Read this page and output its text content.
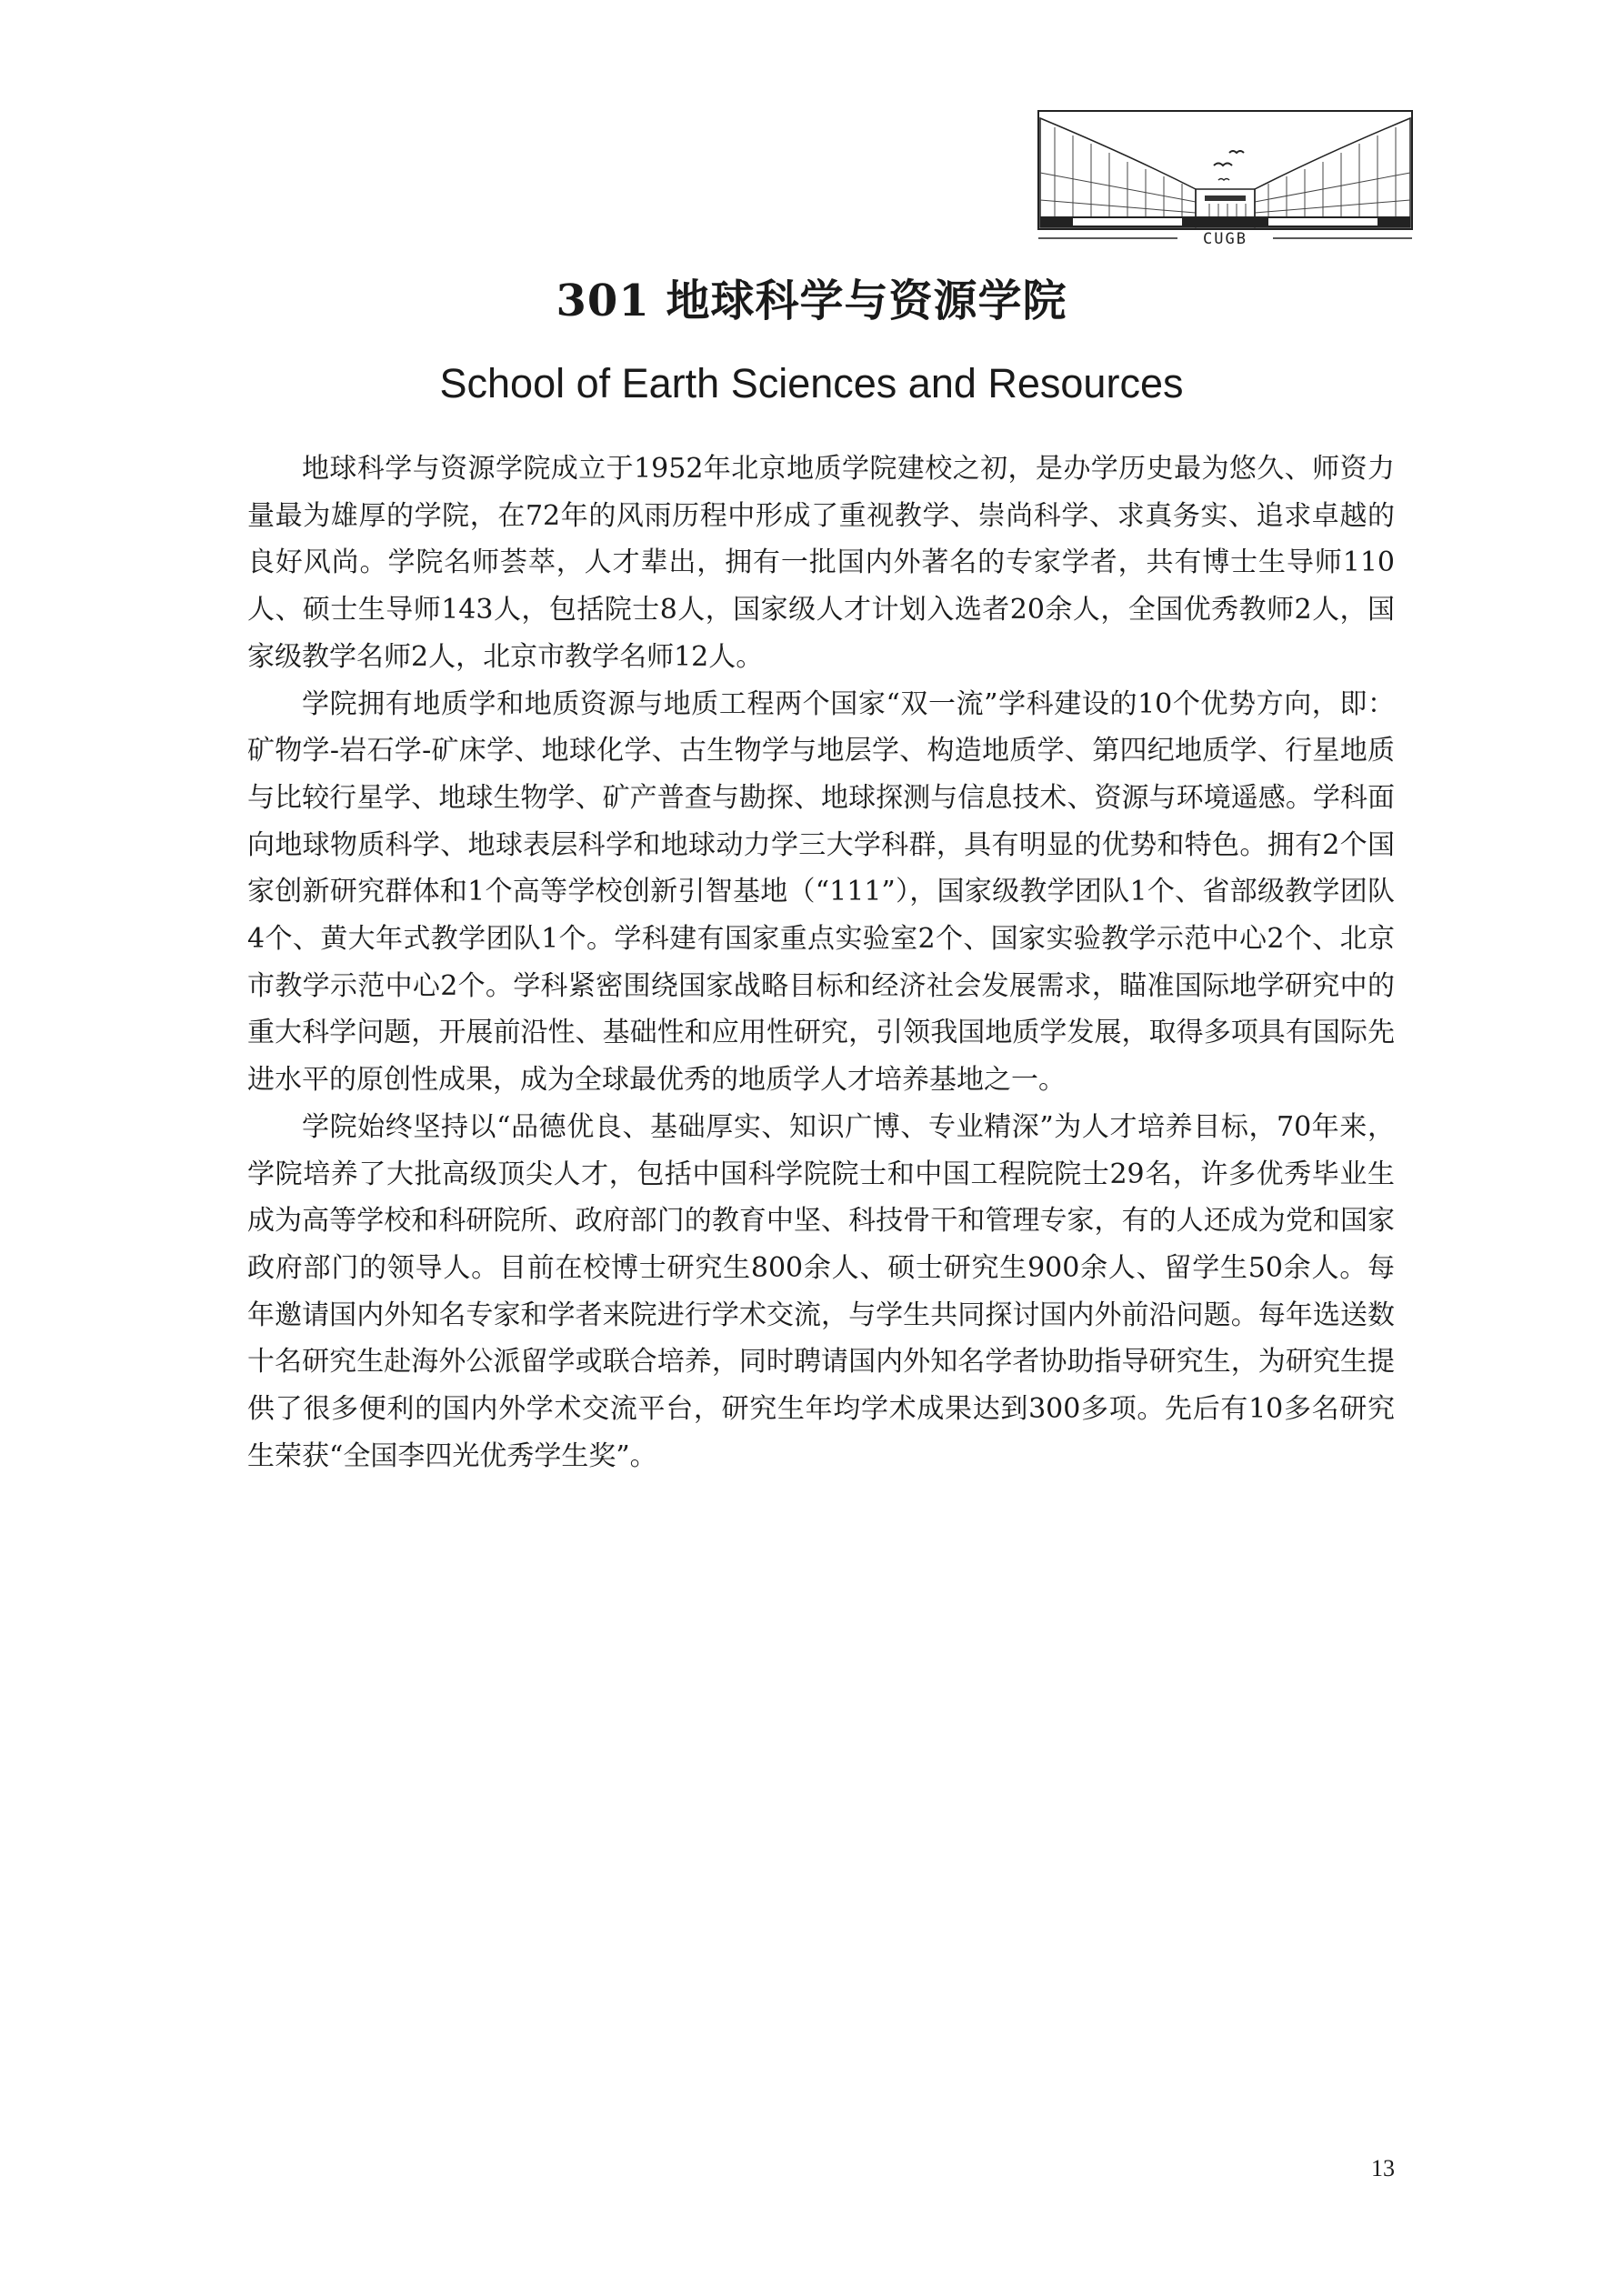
CUGB
301 地球科学与资源学院
School of Earth Sciences and Resources

地球科学与资源学院成立于1952年北京地质学院建校之初，是办学历史最为悠久、师资力量最为雄厚的学院，在72年的风雨历程中形成了重视教学、崇尚科学、求真务实、追求卓越的良好风尚。学院名师荟萃，人才辈出，拥有一批国内外著名的专家学者，共有博士生导师110人、硕士生导师143人，包括院士8人，国家级人才计划入选者20余人，全国优秀教师2人，国家级教学名师2人，北京市教学名师12人。

学院拥有地质学和地质资源与地质工程两个国家“双一流”学科建设的10个优势方向，即：矿物学-岩石学-矿床学、地球化学、古生物学与地层学、构造地质学、第四纪地质学、行星地质与比较行星学、地球生物学、矿产普查与勘探、地球探测与信息技术、资源与环境遥感。学科面向地球物质科学、地球表层科学和地球动力学三大学科群，具有明显的优势和特色。拥有2个国家创新研究群体和1个高等学校创新引智基地（“111”），国家级教学团队1个、省部级教学团队4个、黄大年式教学团队1个。学科建有国家重点实验室2个、国家实验教学示范中心2个、北京市教学示范中心2个。学科紧密围绕国家战略目标和经济社会发展需求，瞄准国际地学研究中的重大科学问题，开展前沿性、基础性和应用性研究，引领我国地质学发展，取得多项具有国际先进水平的原创性成果，成为全球最优秀的地质学人才培养基地之一。

学院始终坚持以“品德优良、基础厚实、知识广博、专业精深”为人才培养目标，70年来，学院培养了大批高级顶尖人才，包括中国科学院院士和中国工程院院士29名，许多优秀毕业生成为高等学校和科研院所、政府部门的教育中坚、科技骨干和管理专家，有的人还成为党和国家政府部门的领导人。目前在校博士研究生800余人、硕士研究生900余人、留学生50余人。每年邀请国内外知名专家和学者来院进行学术交流，与学生共同探讨国内外前沿问题。每年选送数十名研究生赴海外公派留学或联合培养，同时聘请国内外知名学者协助指导研究生，为研究生提供了很多便利的国内外学术交流平台，研究生年均学术成果达到300多项。先后有10多名研究生荣获“全国李四光优秀学生奖”。

13
